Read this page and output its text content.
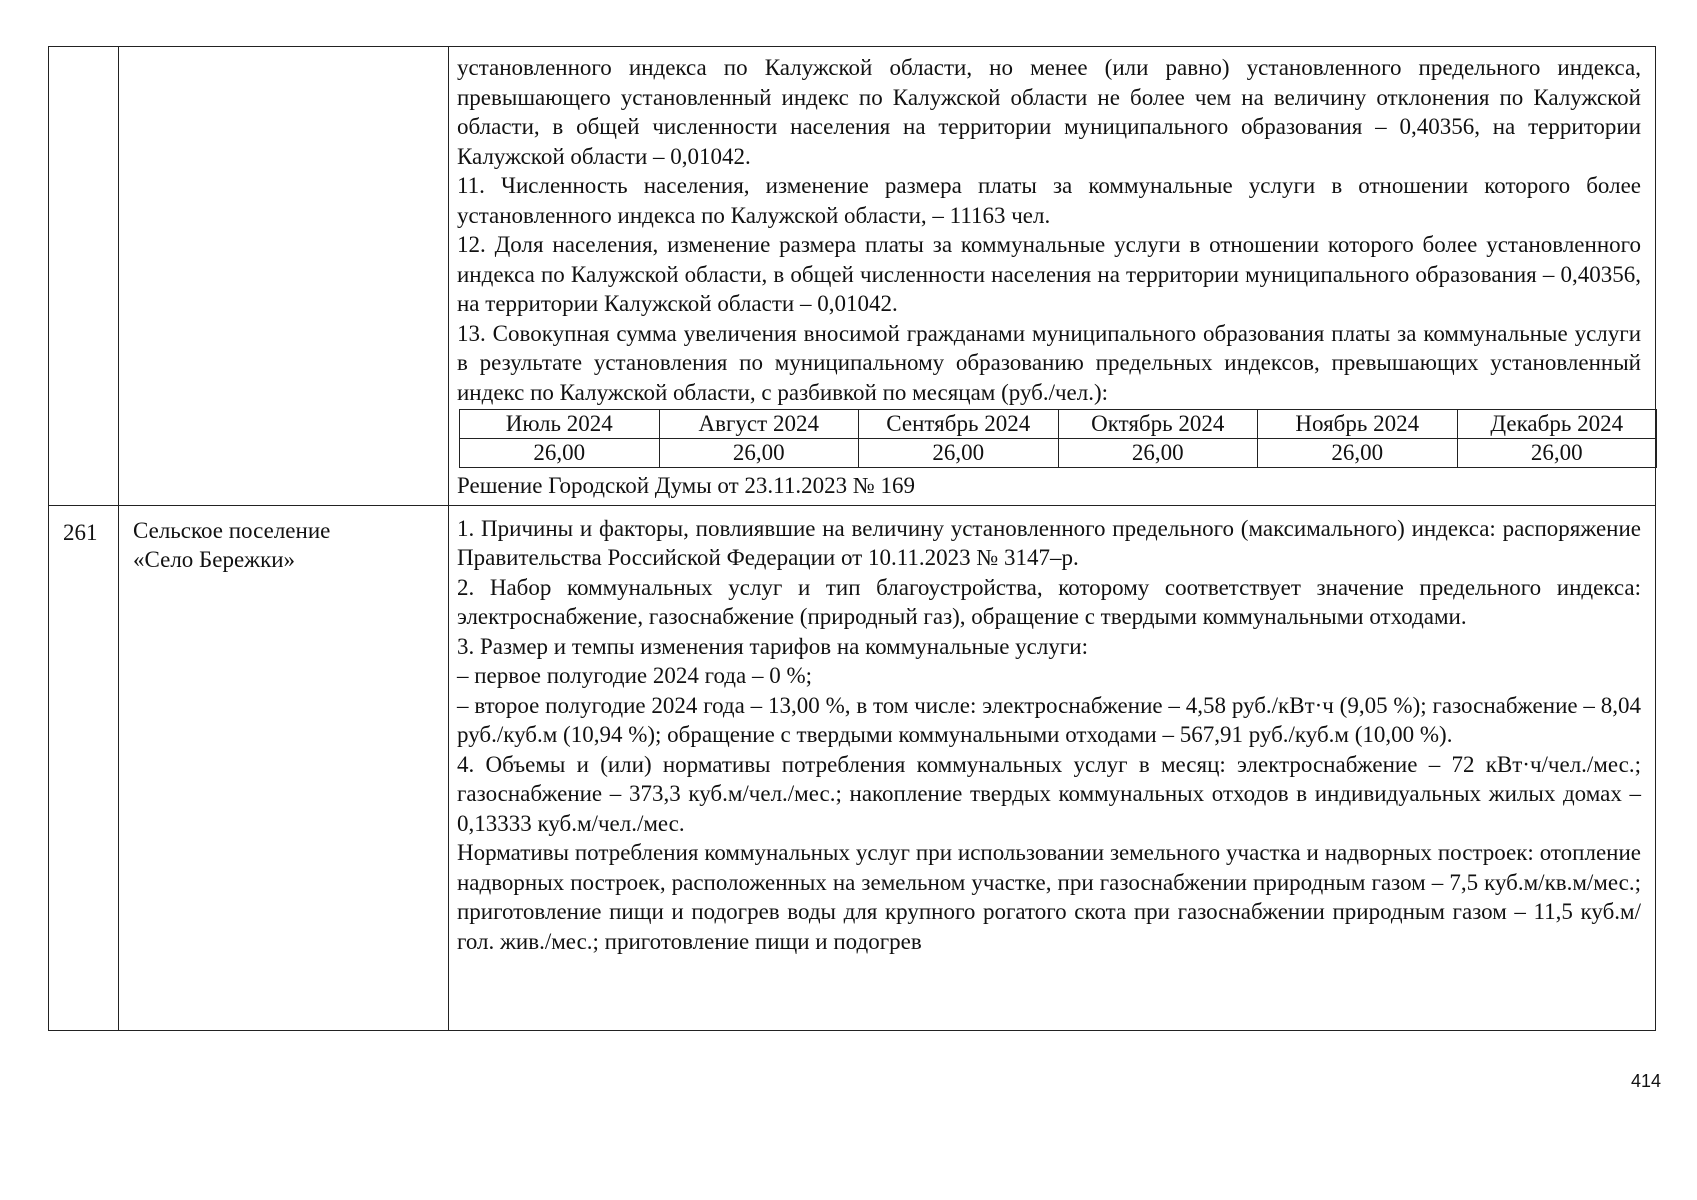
установленного индекса по Калужской области, но менее (или равно) установленного предельного индекса, превышающего установленный индекс по Калужской области не более чем на величину отклонения по Калужской области, в общей численности населения на территории муниципального образования – 0,40356, на территории Калужской области – 0,01042.

11. Численность населения, изменение размера платы за коммунальные услуги в отношении которого более установленного индекса по Калужской области, – 11163 чел.

12. Доля населения, изменение размера платы за коммунальные услуги в отношении которого более установленного индекса по Калужской области, в общей численности населения на территории муниципального образования – 0,40356, на территории Калужской области – 0,01042.

13. Совокупная сумма увеличения вносимой гражданами муниципального образования платы за коммунальные услуги в результате установления по муниципальному образованию предельных индексов, превышающих установленный индекс по Калужской области, с разбивкой по месяцам (руб./чел.):

Июль 2024	Август 2024	Сентябрь 2024	Октябрь 2024	Ноябрь 2024	Декабрь 2024
26,00	26,00	26,00	26,00	26,00	26,00

Решение Городской Думы от 23.11.2023 № 169

261	Сельское поселение
«Село Бережки»

1. Причины и факторы, повлиявшие на величину установленного предельного (максимального) индекса: распоряжение Правительства Российской Федерации от 10.11.2023 № 3147–р.

2. Набор коммунальных услуг и тип благоустройства, которому соответствует значение предельного индекса: электроснабжение, газоснабжение (природный газ), обращение с твердыми коммунальными отходами.

3. Размер и темпы изменения тарифов на коммунальные услуги:

– первое полугодие 2024 года – 0 %;

– второе полугодие 2024 года – 13,00 %, в том числе: электроснабжение – 4,58 руб./кВт·ч (9,05 %); газоснабжение – 8,04 руб./куб.м (10,94 %); обращение с твердыми коммунальными отходами – 567,91 руб./куб.м (10,00 %).

4. Объемы и (или) нормативы потребления коммунальных услуг в месяц: электроснабжение – 72 кВт·ч/чел./мес.; газоснабжение – 373,3 куб.м/чел./мес.; накопление твердых коммунальных отходов в индивидуальных жилых домах – 0,13333 куб.м/чел./мес.

Нормативы потребления коммунальных услуг при использовании земельного участка и надворных построек: отопление надворных построек, расположенных на земельном участке, при газоснабжении природным газом – 7,5 куб.м/кв.м/мес.; приготовление пищи и подогрев воды для крупного рогатого скота при газоснабжении природным газом – 11,5 куб.м/гол. жив./мес.; приготовление пищи и подогрев

414
